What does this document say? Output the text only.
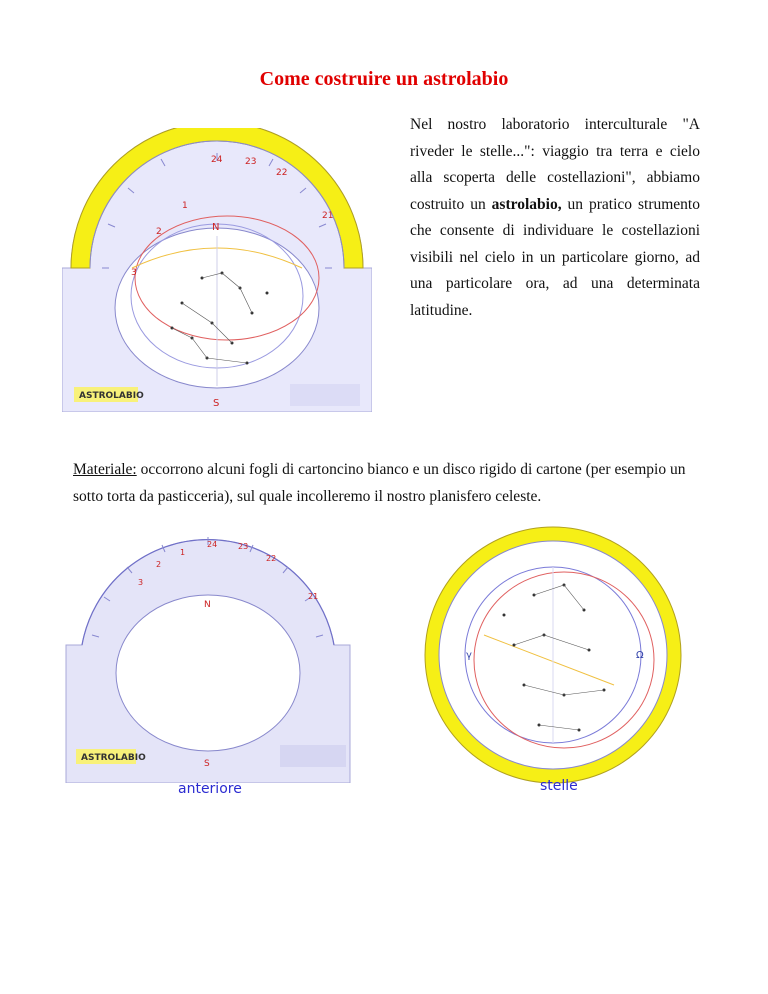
Come costruire un astrolabio

Nel nostro laboratorio interculturale "A riveder le stelle...": viaggio tra terra e cielo alla scoperta delle costellazioni", abbiamo costruito un astrolabio, un pratico strumento che consente di individuare le costellazioni visibili nel cielo in un particolare giorno, ad una particolare ora, ad una determinata latitudine.

3
2
1
24	23
22
21
N
S
ASTROLABIO

Materiale: occorrono alcuni fogli di cartoncino bianco e un disco rigido di cartone (per esempio un sotto torta da pasticceria), sul quale incolleremo il nostro planisfero celeste.

3
2
1
24	23
22
21
N
S
ASTROLABIO
anteriore
γ	Ω
stelle
